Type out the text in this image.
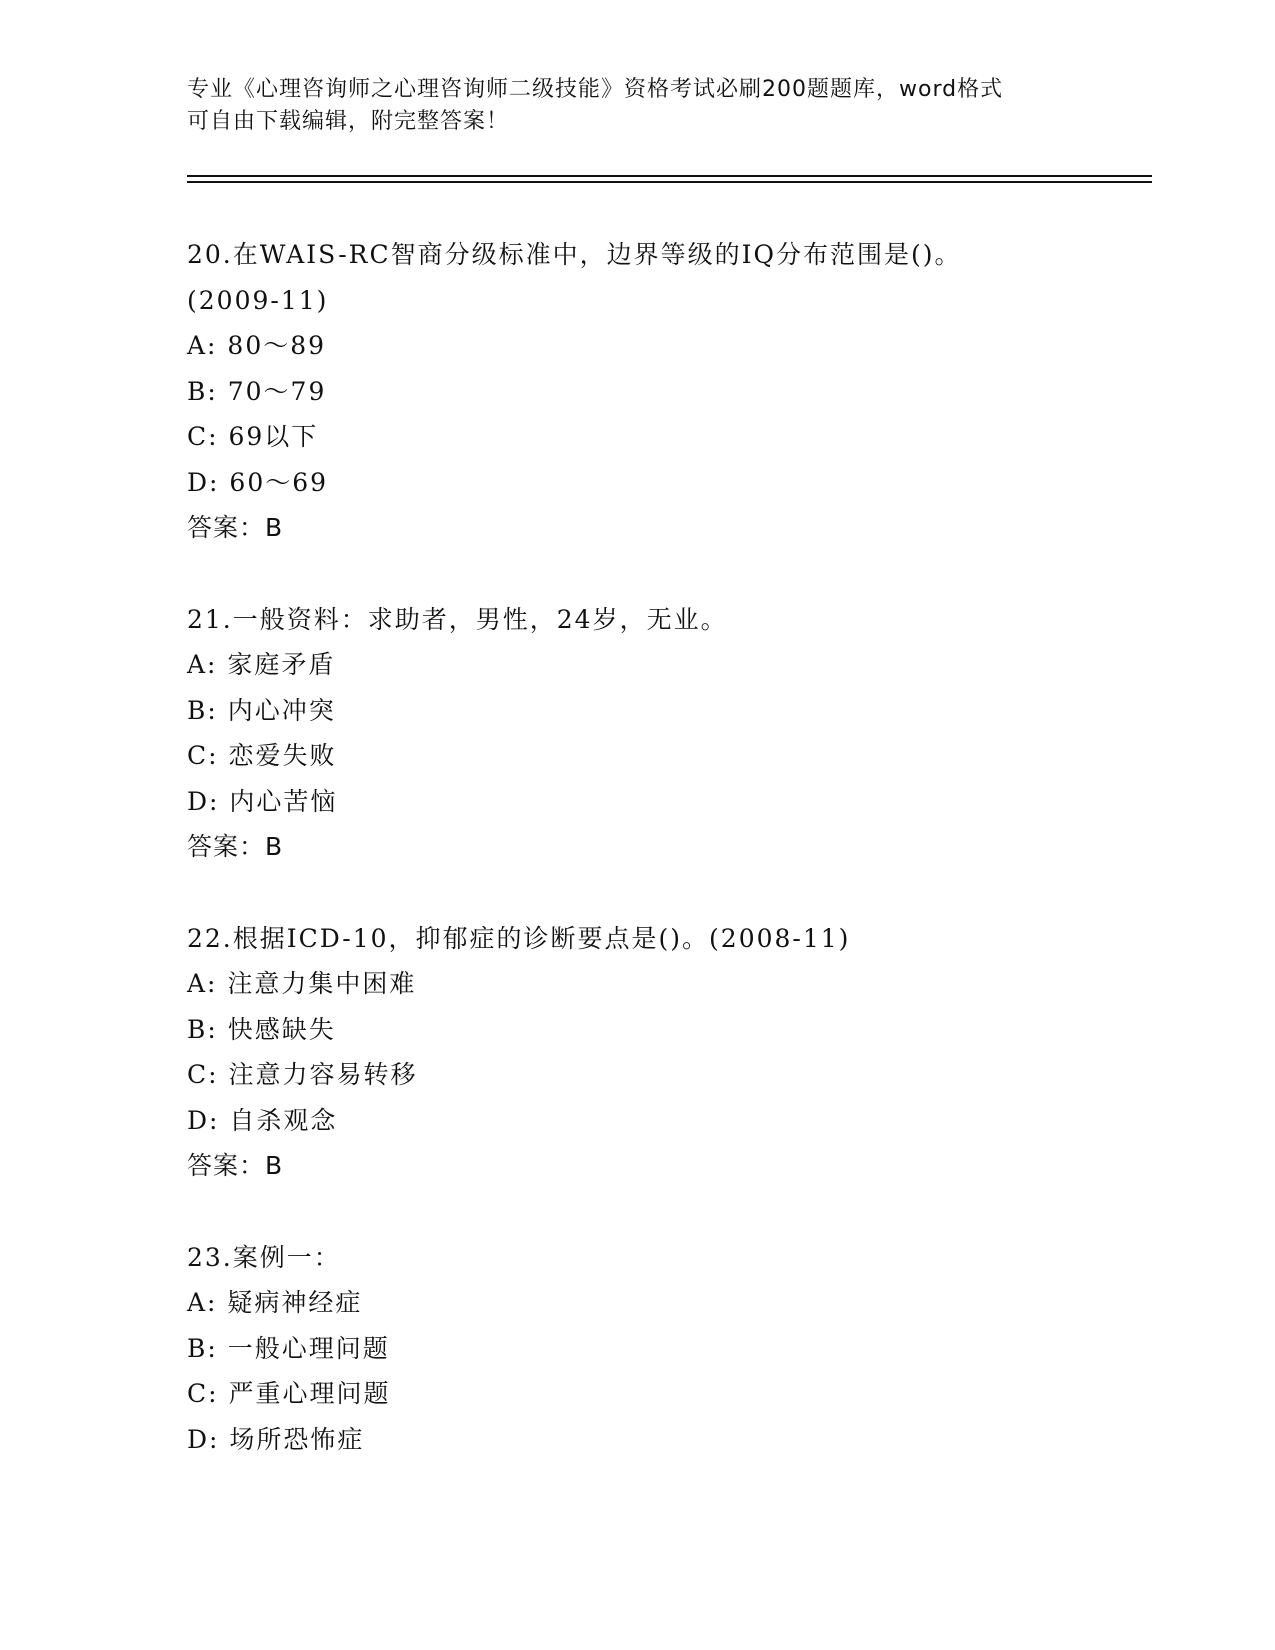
专业《心理咨询师之心理咨询师二级技能》资格考试必刷200题题库，word格式
可自由下载编辑，附完整答案！
20.在WAIS-RC智商分级标准中，边界等级的IQ分布范围是()。
(2009-11)
A: 80～89
B: 70～79
C: 69以下
D: 60～69
答案：B
21.一般资料：求助者，男性，24岁，无业。
A: 家庭矛盾
B: 内心冲突
C: 恋爱失败
D: 内心苦恼
答案：B
22.根据ICD-10，抑郁症的诊断要点是()。(2008-11)
A: 注意力集中困难
B: 快感缺失
C: 注意力容易转移
D: 自杀观念
答案：B
23.案例一：
A: 疑病神经症
B: 一般心理问题
C: 严重心理问题
D: 场所恐怖症
